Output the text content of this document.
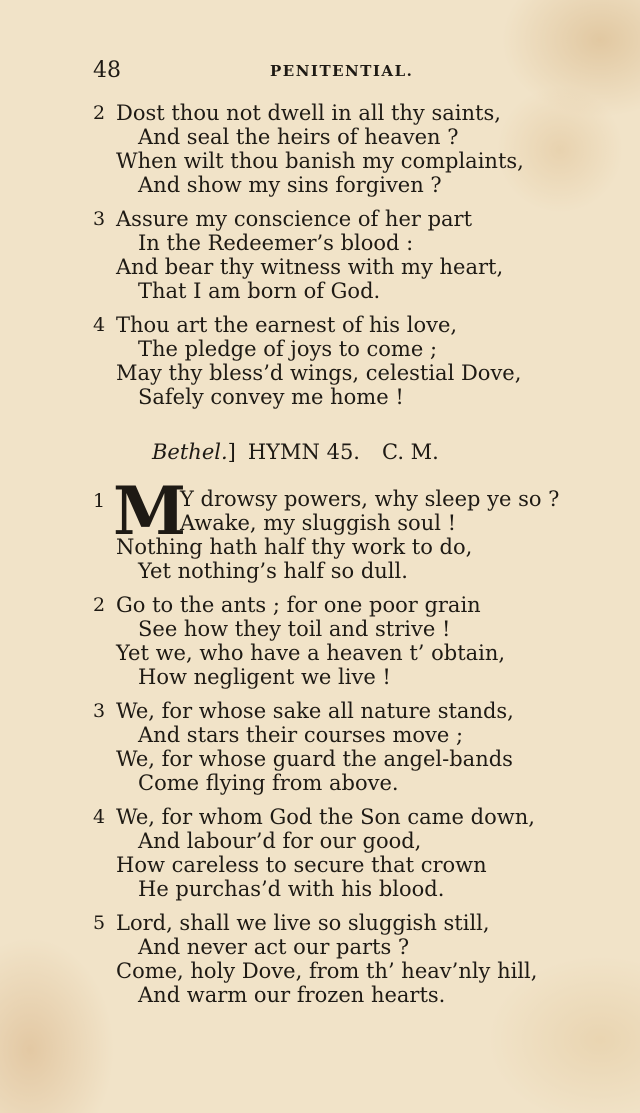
48	PENITENTIAL.
2 Dost thou not dwell in all thy saints,
And seal the heirs of heaven ?
When wilt thou banish my complaints,
And show my sins forgiven ?
3 Assure my conscience of her part
In the Redeemer’s blood :
And bear thy witness with my heart,
That I am born of God.
4 Thou art the earnest of his love,
The pledge of joys to come ;
May thy bless’d wings, celestial Dove,
Safely convey me home !
Bethel.] HYMN 45. C. M.
1 M
Y drowsy powers, why sleep ye so ?
Awake, my sluggish soul !
Nothing hath half thy work to do,
Yet nothing’s half so dull.
2 Go to the ants ; for one poor grain
See how they toil and strive !
Yet we, who have a heaven t’ obtain,
How negligent we live !
3 We, for whose sake all nature stands,
And stars their courses move ;
We, for whose guard the angel-bands
Come flying from above.
4 We, for whom God the Son came down,
And labour’d for our good,
How careless to secure that crown
He purchas’d with his blood.
5 Lord, shall we live so sluggish still,
And never act our parts ?
Come, holy Dove, from th’ heav’nly hill,
And warm our frozen hearts.
